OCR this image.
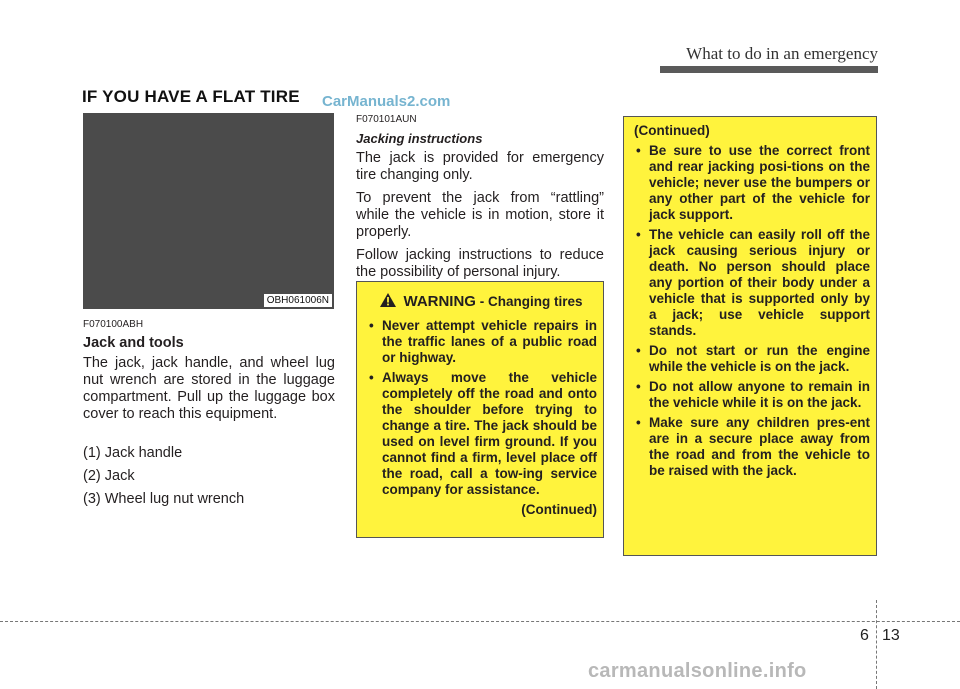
What to do in an emergency
IF YOU HAVE A FLAT TIRE CarManuals2.com
OBH061006N
F070100ABH
Jack and tools

The jack, jack handle, and wheel lug nut wrench are stored in the luggage compartment. Pull up the luggage box cover to reach this equipment.

(1) Jack handle

(2) Jack

(3) Wheel lug nut wrench

F070101AUN
Jacking instructions

The jack is provided for emergency tire changing only.

To prevent the jack from “rattling” while the vehicle is in motion, store it properly.

Follow jacking instructions to reduce the possibility of personal injury.

WARNING - Changing tires
• Never attempt vehicle repairs in the traffic lanes of a public road or highway.
• Always move the vehicle completely off the road and onto the shoulder before trying to change a tire. The jack should be used on level firm ground. If you cannot find a firm, level place off the road, call a tow-ing service company for assistance.
(Continued)
(Continued)
• Be sure to use the correct front and rear jacking posi-tions on the vehicle; never use the bumpers or any other part of the vehicle for jack support.
• The vehicle can easily roll off the jack causing serious injury or death. No person should place any portion of their body under a vehicle that is supported only by a jack; use vehicle support stands.
• Do not start or run the engine while the vehicle is on the jack.
• Do not allow anyone to remain in the vehicle while it is on the jack.
• Make sure any children pres-ent are in a secure place away from the road and from the vehicle to be raised with the jack.
6 13
carmanualsonline.info
